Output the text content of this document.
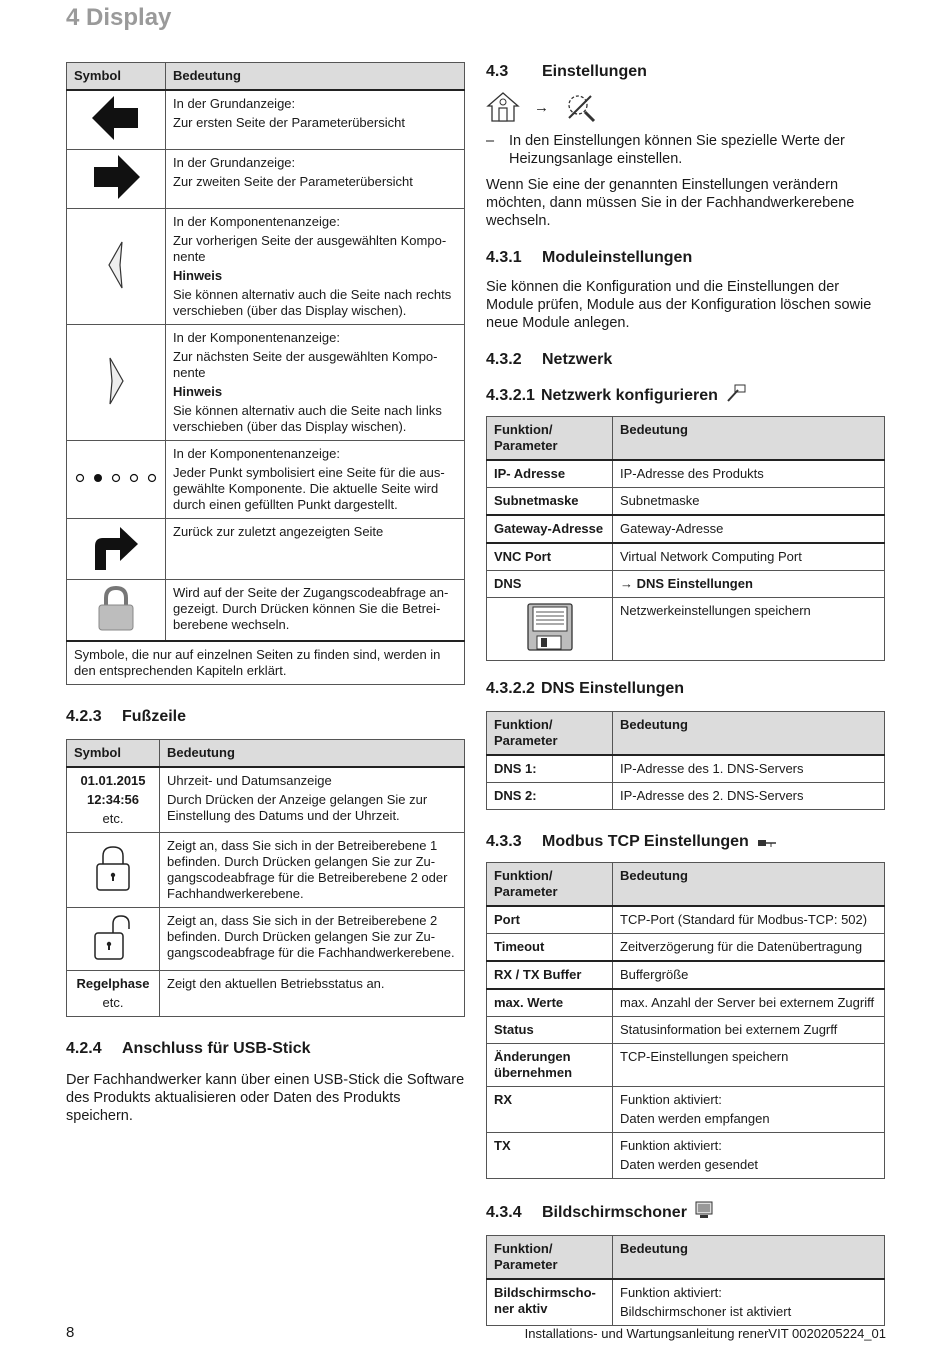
4 Display
Symbol	Bedeutung

In der Grundanzeige:
Zur ersten Seite der Parameterübersicht

In der Grundanzeige:
Zur zweiten Seite der Parameterübersicht

In der Komponentenanzeige:
Zur vorherigen Seite der ausgewählten Komponente
Hinweis
Sie können alternativ auch die Seite nach rechts verschieben (über das Display wischen).

In der Komponentenanzeige:
Zur nächsten Seite der ausgewählten Komponente
Hinweis
Sie können alternativ auch die Seite nach links verschieben (über das Display wischen).

In der Komponentenanzeige:
Jeder Punkt symbolisiert eine Seite für die ausgewählte Komponente. Die aktuelle Seite wird durch einen gefüllten Punkt dargestellt.

Zurück zur zuletzt angezeigten Seite

Wird auf der Seite der Zugangscodeabfrage angezeigt. Durch Drücken können Sie die Betreiberebene wechseln.

Symbole, die nur auf einzelnen Seiten zu finden sind, werden in den entsprechenden Kapiteln erklärt.	
4.2.3 Fußzeile
Symbol	Bedeutung

01.01.2015
12:34:56
etc.	Uhrzeit- und Datumsanzeige
Durch Drücken der Anzeige gelangen Sie zur Einstellung des Datums und der Uhrzeit.

	Zeigt an, dass Sie sich in der Betreiberebene 1 befinden. Durch Drücken gelangen Sie zur Zugangscodeabfrage für die Betreiberebene 2 oder Fachhandwerkerebene.
	Zeigt an, dass Sie sich in der Betreiberebene 2 befinden. Durch Drücken gelangen Sie zur Zugangscodeabfrage für die Fachhandwerkerebene.

Regelphase
etc.	Zeigt den aktuellen Betriebsstatus an.
4.2.4 Anschluss für USB-Stick

Der Fachhandwerker kann über einen USB-Stick die Software des Produkts aktualisieren oder Daten des Produkts speichern.

4.3 Einstellungen
→
– In den Einstellungen können Sie spezielle Werte der Heizungsanlage einstellen.

Wenn Sie eine der genannten Einstellungen verändern möchten, dann müssen Sie in der Fachhandwerkerebene wechseln.

4.3.1 Moduleinstellungen

Sie können die Konfiguration und die Einstellungen der Module prüfen, Module aus der Konfiguration löschen sowie neue Module anlegen.

4.3.2 Netzwerk
4.3.2.1 Netzwerk konfigurieren
Funktion/ Parameter	Bedeutung
IP- Adresse	IP-Adresse des Produkts
Subnetmaske	Subnetmaske
Gateway-Adresse	Gateway-Adresse
VNC Port	Virtual Network Computing Port
DNS	→ DNS Einstellungen
	Netzwerkeinstellungen speichern
4.3.2.2 DNS Einstellungen
Funktion/ Parameter	Bedeutung
DNS 1:	IP-Adresse des 1. DNS-Servers
DNS 2:	IP-Adresse des 2. DNS-Servers
4.3.3 Modbus TCP Einstellungen
Funktion/ Parameter	Bedeutung
Port	TCP-Port (Standard für Modbus-TCP: 502)
Timeout	Zeitverzögerung für die Datenübertragung
RX / TX Buffer	Buffergröße
max. Werte	max. Anzahl der Server bei externem Zugriff
Status	Statusinformation bei externem Zugrff
Änderungen übernehmen	TCP-Einstellungen speichern
RX	Funktion aktiviert:
Daten werden empfangen

TX	Funktion aktiviert:
Daten werden gesendet
4.3.4 Bildschirmschoner
Funktion/ Parameter	Bedeutung
Bildschirmschoner aktiv	Funktion aktiviert:
Bildschirmschoner ist aktiviert
8	Installations- und Wartungsanleitung renerVIT 0020205224_01
